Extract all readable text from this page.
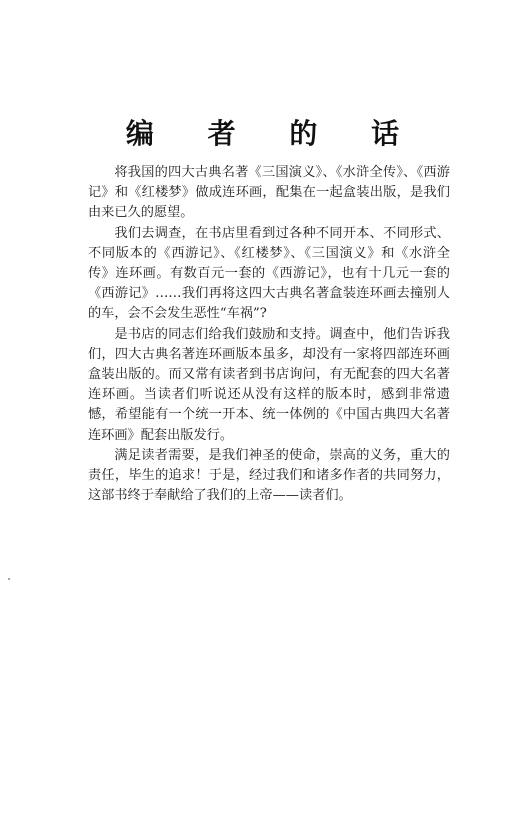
编 者 的 话

将我国的四大古典名著《三国演义》、《水浒全传》、《西游记》和《红楼梦》做成连环画，配集在一起盒装出版，是我们由来已久的愿望。

我们去调查，在书店里看到过各种不同开本、不同形式、不同版本的《西游记》、《红楼梦》、《三国演义》和《水浒全传》连环画。有数百元一套的《西游记》，也有十几元一套的《西游记》……我们再将这四大古典名著盒装连环画去撞别人的车，会不会发生恶性“车祸”?

是书店的同志们给我们鼓励和支持。调查中，他们告诉我们，四大古典名著连环画版本虽多，却没有一家将四部连环画盒装出版的。而又常有读者到书店询问，有无配套的四大名著连环画。当读者们听说还从没有这样的版本时，感到非常遗憾，希望能有一个统一开本、统一体例的《中国古典四大名著连环画》配套出版发行。

满足读者需要，是我们神圣的使命，崇高的义务，重大的责任，毕生的追求！于是，经过我们和诸多作者的共同努力，这部书终于奉献给了我们的上帝——读者们。
